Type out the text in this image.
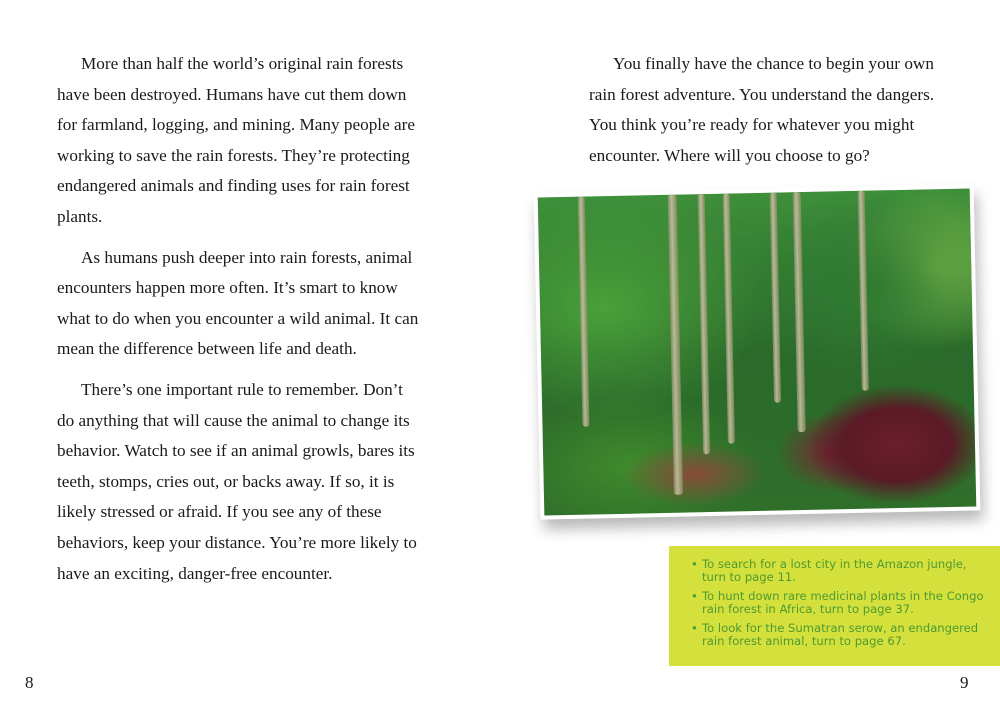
More than half the world’s original rain forests have been destroyed. Humans have cut them down for farmland, logging, and mining. Many people are working to save the rain forests. They’re protecting endangered animals and finding uses for rain forest plants.

As humans push deeper into rain forests, animal encounters happen more often. It’s smart to know what to do when you encounter a wild animal. It can mean the difference between life and death.

There’s one important rule to remember. Don’t do anything that will cause the animal to change its behavior. Watch to see if an animal growls, bares its teeth, stomps, cries out, or backs away. If so, it is likely stressed or afraid. If you see any of these behaviors, keep your distance. You’re more likely to have an exciting, danger-free encounter.

You finally have the chance to begin your own rain forest adventure. You understand the dangers. You think you’re ready for whatever you might encounter. Where will you choose to go?

• To search for a lost city in the Amazon jungle, turn to page 11.
• To hunt down rare medicinal plants in the Congo rain forest in Africa, turn to page 37.
• To look for the Sumatran serow, an endangered rain forest animal, turn to page 67.
8	9
